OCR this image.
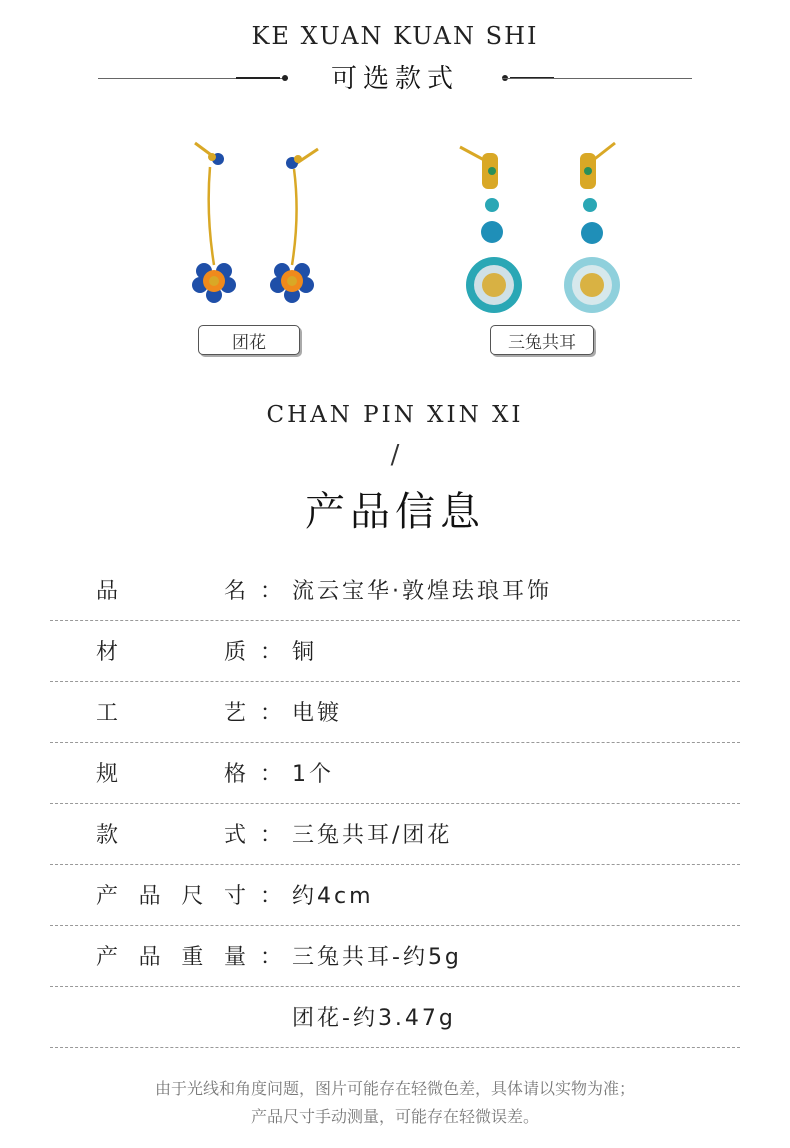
KE XUAN KUAN SHI
可选款式
团花	三兔共耳
CHAN PIN XIN XI
/
产品信息
品	名 ： 流云宝华·敦煌珐琅耳饰
材	质 ： 铜
工	艺 ： 电镀
规	格 ： 1个
款	式 ： 三兔共耳/团花
产 品 尺 寸 ： 约4cm
产 品 重 量 ： 三兔共耳-约5g
团花-约3.47g
由于光线和角度问题，图片可能存在轻微色差，具体请以实物为准；
产品尺寸手动测量，可能存在轻微误差。
